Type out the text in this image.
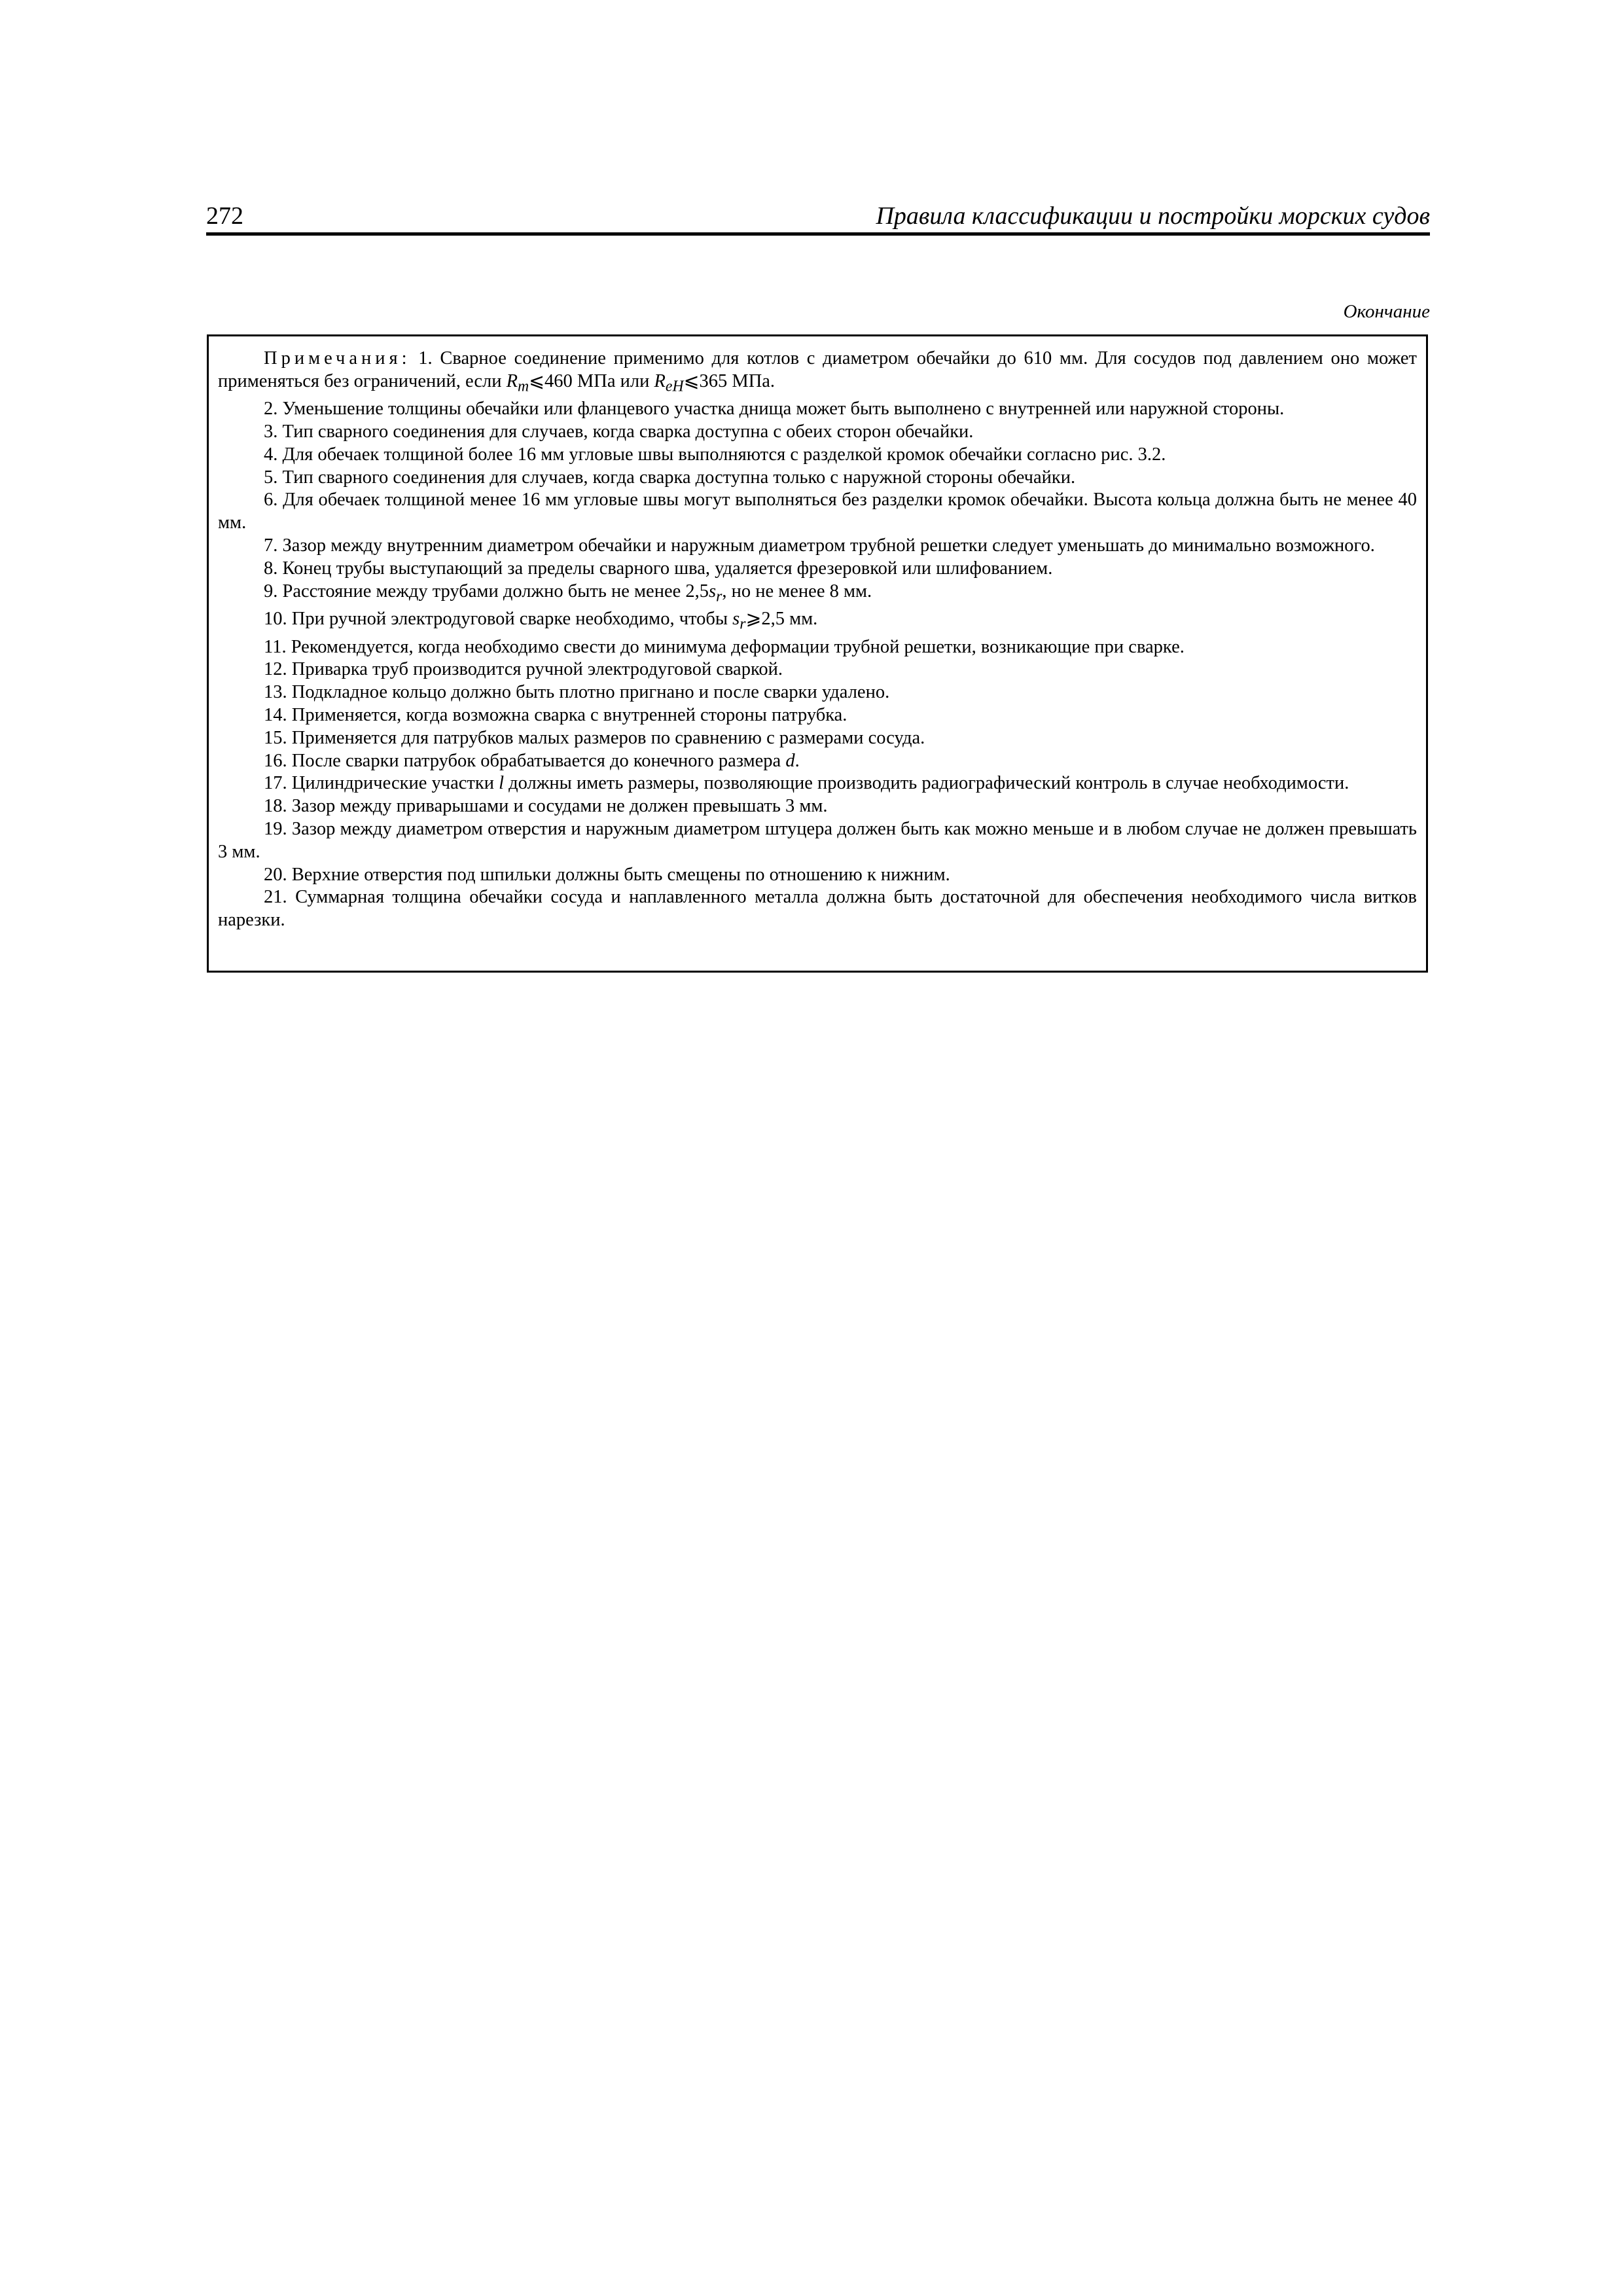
272	Правила классификации и постройки морских судов
Окончание

Примечания: 1. Сварное соединение применимо для котлов с диаметром обечайки до 610 мм. Для сосудов под давлением оно может применяться без ограничений, если $R_m⩽460$ МПа или $R_{eH}⩽365$ МПа.

2. Уменьшение толщины обечайки или фланцевого участка днища может быть выполнено с внутренней или наружной стороны.

3. Тип сварного соединения для случаев, когда сварка доступна с обеих сторон обечайки.

4. Для обечаек толщиной более 16 мм угловые швы выполняются с разделкой кромок обечайки согласно рис. 3.2.

5. Тип сварного соединения для случаев, когда сварка доступна только с наружной стороны обечайки.

6. Для обечаек толщиной менее 16 мм угловые швы могут выполняться без разделки кромок обечайки. Высота кольца должна быть не менее 40 мм.

7. Зазор между внутренним диаметром обечайки и наружным диаметром трубной решетки следует уменьшать до минимально возможного.

8. Конец трубы выступающий за пределы сварного шва, удаляется фрезеровкой или шлифованием.

9. Расстояние между трубами должно быть не менее $2,5s_r$, но не менее 8 мм.

10. При ручной электродуговой сварке необходимо, чтобы $s_r⩾2,5$ мм.

11. Рекомендуется, когда необходимо свести до минимума деформации трубной решетки, возникающие при сварке.

12. Приварка труб производится ручной электродуговой сваркой.

13. Подкладное кольцо должно быть плотно пригнано и после сварки удалено.

14. Применяется, когда возможна сварка с внутренней стороны патрубка.

15. Применяется для патрубков малых размеров по сравнению с размерами сосуда.

16. После сварки патрубок обрабатывается до конечного размера d.

17. Цилиндрические участки l должны иметь размеры, позволяющие производить радиографический контроль в случае необходимости.

18. Зазор между приварышами и сосудами не должен превышать 3 мм.

19. Зазор между диаметром отверстия и наружным диаметром штуцера должен быть как можно меньше и в любом случае не должен превышать 3 мм.

20. Верхние отверстия под шпильки должны быть смещены по отношению к нижним.

21. Суммарная толщина обечайки сосуда и наплавленного металла должна быть достаточной для обеспечения необходимого числа витков нарезки.
